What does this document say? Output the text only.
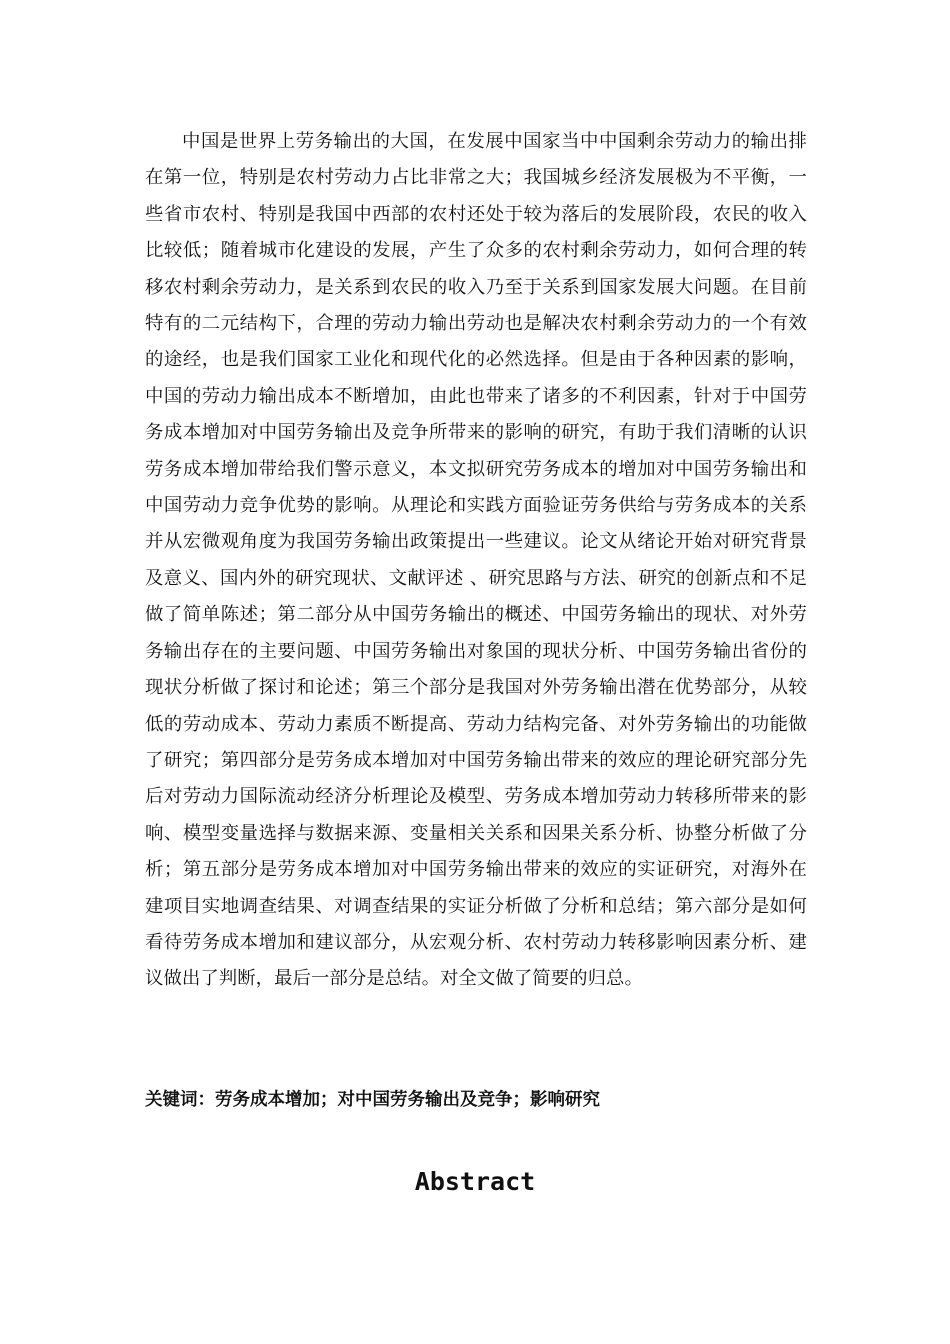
中国是世界上劳务输出的大国，在发展中国家当中中国剩余劳动力的输出排在第一位，特别是农村劳动力占比非常之大；我国城乡经济发展极为不平衡，一些省市农村、特别是我国中西部的农村还处于较为落后的发展阶段，农民的收入比较低；随着城市化建设的发展，产生了众多的农村剩余劳动力，如何合理的转移农村剩余劳动力，是关系到农民的收入乃至于关系到国家发展大问题。在目前特有的二元结构下，合理的劳动力输出劳动也是解决农村剩余劳动力的一个有效的途经，也是我们国家工业化和现代化的必然选择。但是由于各种因素的影响，中国的劳动力输出成本不断增加，由此也带来了诸多的不利因素，针对于中国劳务成本增加对中国劳务输出及竞争所带来的影响的研究，有助于我们清晰的认识劳务成本增加带给我们警示意义，本文拟研究劳务成本的增加对中国劳务输出和中国劳动力竞争优势的影响。从理论和实践方面验证劳务供给与劳务成本的关系并从宏微观角度为我国劳务输出政策提出一些建议。论文从绪论开始对研究背景及意义、国内外的研究现状、文献评述 、研究思路与方法、研究的创新点和不足做了简单陈述；第二部分从中国劳务输出的概述、中国劳务输出的现状、对外劳务输出存在的主要问题、中国劳务输出对象国的现状分析、中国劳务输出省份的现状分析做了探讨和论述；第三个部分是我国对外劳务输出潜在优势部分，从较低的劳动成本、劳动力素质不断提高、劳动力结构完备、对外劳务输出的功能做了研究；第四部分是劳务成本增加对中国劳务输出带来的效应的理论研究部分先后对劳动力国际流动经济分析理论及模型、劳务成本增加劳动力转移所带来的影响、模型变量选择与数据来源、变量相关关系和因果关系分析、协整分析做了分析；第五部分是劳务成本增加对中国劳务输出带来的效应的实证研究，对海外在建项目实地调查结果、对调查结果的实证分析做了分析和总结；第六部分是如何看待劳务成本增加和建议部分，从宏观分析、农村劳动力转移影响因素分析、建议做出了判断，最后一部分是总结。对全文做了简要的归总。

关键词：劳务成本增加；对中国劳务输出及竞争；影响研究

Abstract
